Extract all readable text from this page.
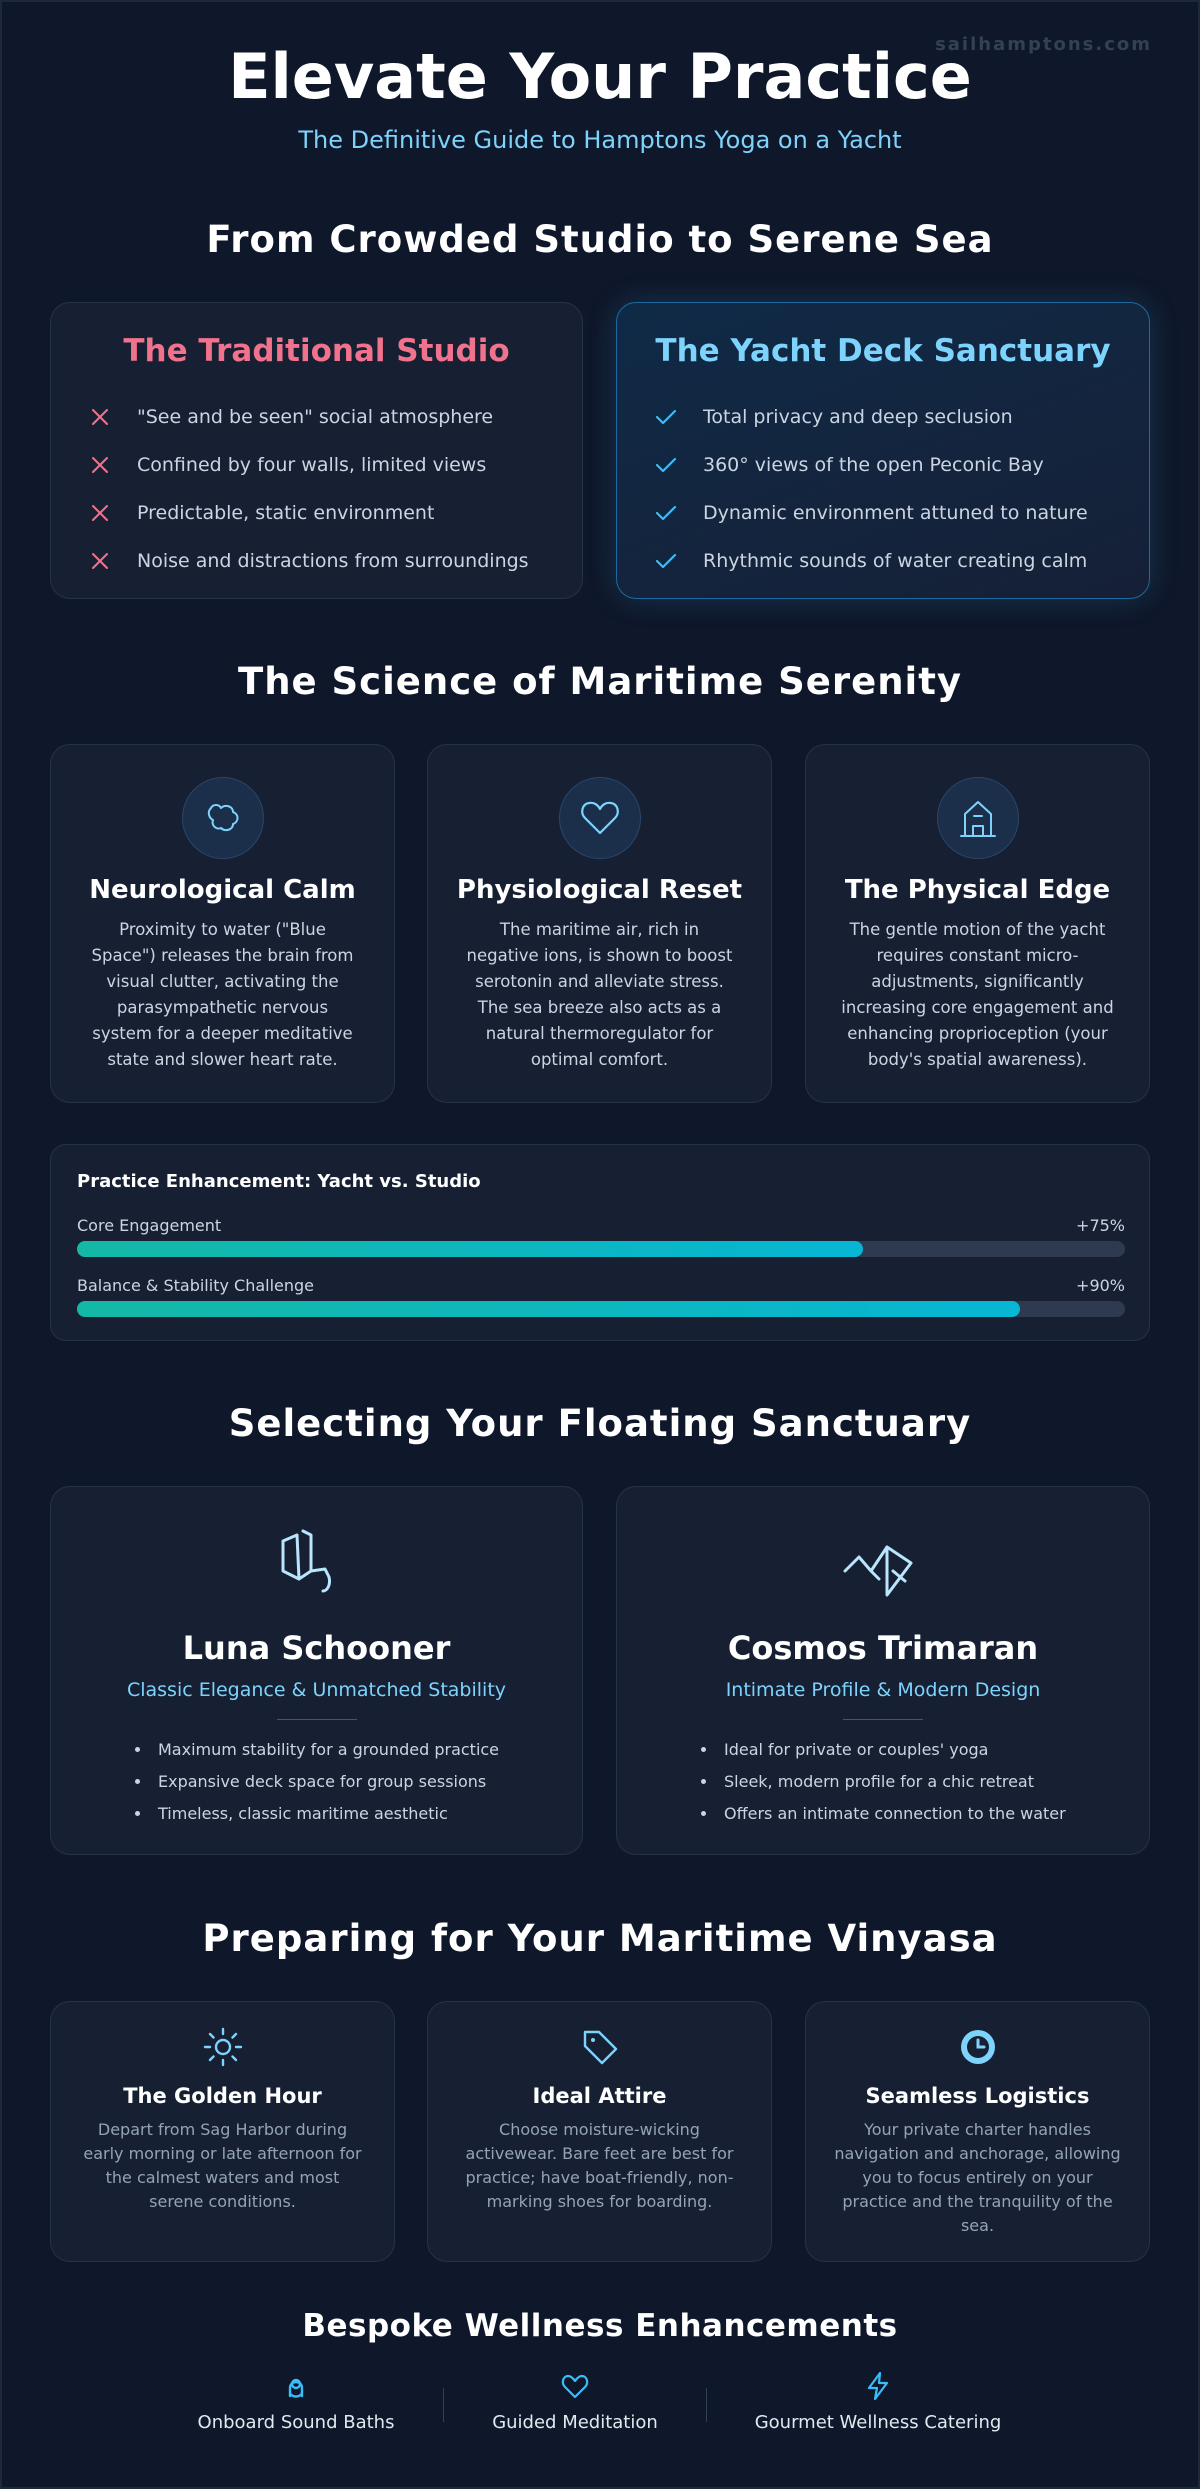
sailhamptons.com
Elevate Your Practice
The Definitive Guide to Hamptons Yoga on a Yacht
From Crowded Studio to Serene Sea
The Traditional Studio
"See and be seen" social atmosphere
Confined by four walls, limited views
Predictable, static environment
Noise and distractions from surroundings
The Yacht Deck Sanctuary
Total privacy and deep seclusion
360° views of the open Peconic Bay
Dynamic environment attuned to nature
Rhythmic sounds of water creating calm
The Science of Maritime Serenity
Neurological Calm
Proximity to water ("Blue Space") releases the brain from visual clutter, activating the parasympathetic nervous system for a deeper meditative state and slower heart rate.
Physiological Reset
The maritime air, rich in negative ions, is shown to boost serotonin and alleviate stress. The sea breeze also acts as a natural thermoregulator for optimal comfort.
The Physical Edge
The gentle motion of the yacht requires constant micro-adjustments, significantly increasing core engagement and enhancing proprioception (your body's spatial awareness).
Practice Enhancement: Yacht vs. Studio
Core Engagement	+75%
Balance & Stability Challenge	+90%
Selecting Your Floating Sanctuary
Luna Schooner
Classic Elegance & Unmatched Stability
Maximum stability for a grounded practice
Expansive deck space for group sessions
Timeless, classic maritime aesthetic
Cosmos Trimaran
Intimate Profile & Modern Design
Ideal for private or couples' yoga
Sleek, modern profile for a chic retreat
Offers an intimate connection to the water
Preparing for Your Maritime Vinyasa
The Golden Hour
Depart from Sag Harbor during early morning or late afternoon for the calmest waters and most serene conditions.
Ideal Attire
Choose moisture-wicking activewear. Bare feet are best for practice; have boat-friendly, non-marking shoes for boarding.
Seamless Logistics
Your private charter handles navigation and anchorage, allowing you to focus entirely on your practice and the tranquility of the sea.
Bespoke Wellness Enhancements
Onboard Sound Baths	Guided Meditation	Gourmet Wellness Catering
